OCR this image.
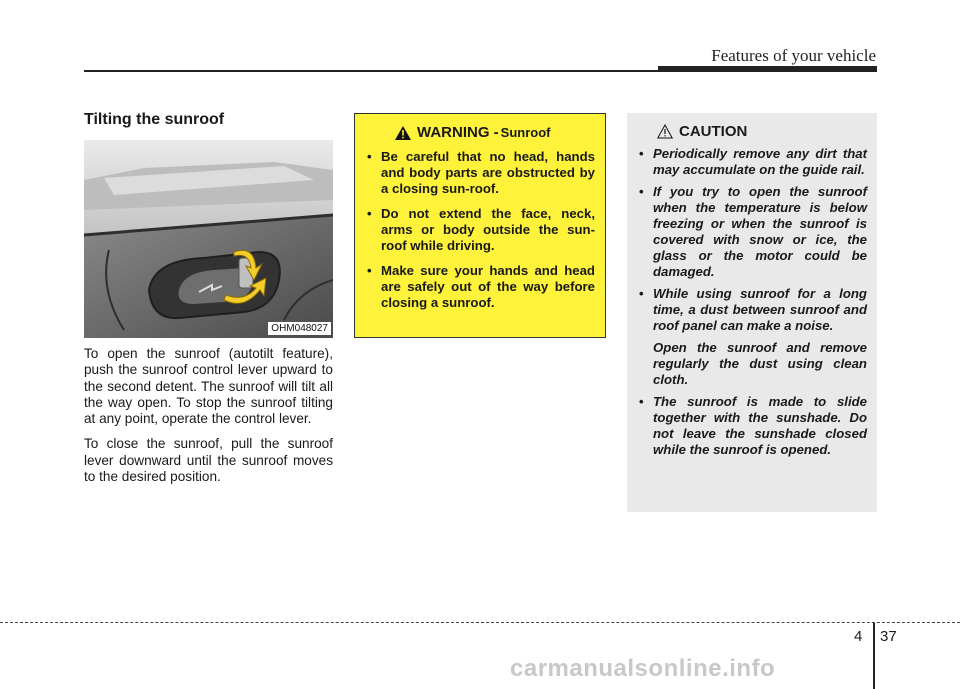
Features of your vehicle
Tilting the sunroof
OHM048027

To open the sunroof (autotilt feature), push the sunroof control lever upward to the second detent. The sunroof will tilt all the way open. To stop the sunroof tilting at any point, operate the control lever.

To close the sunroof, pull the sunroof lever downward until the sunroof moves to the desired position.

WARNING - Sunroof
• Be careful that no head, hands and body parts are obstructed by a closing sun-roof.
• Do not extend the face, neck, arms or body outside the sun-roof while driving.
• Make sure your hands and head are safely out of the way before closing a sunroof.
CAUTION
• Periodically remove any dirt that may accumulate on the guide rail.
• If you try to open the sunroof when the temperature is below freezing or when the sunroof is covered with snow or ice, the glass or the motor could be damaged.
• While using sunroof for a long time, a dust between sunroof and roof panel can make a noise.
Open the sunroof and remove regularly the dust using clean cloth.
• The sunroof is made to slide together with the sunshade. Do not leave the sunshade closed while the sunroof is opened.
4 37
carmanualsonline.info
